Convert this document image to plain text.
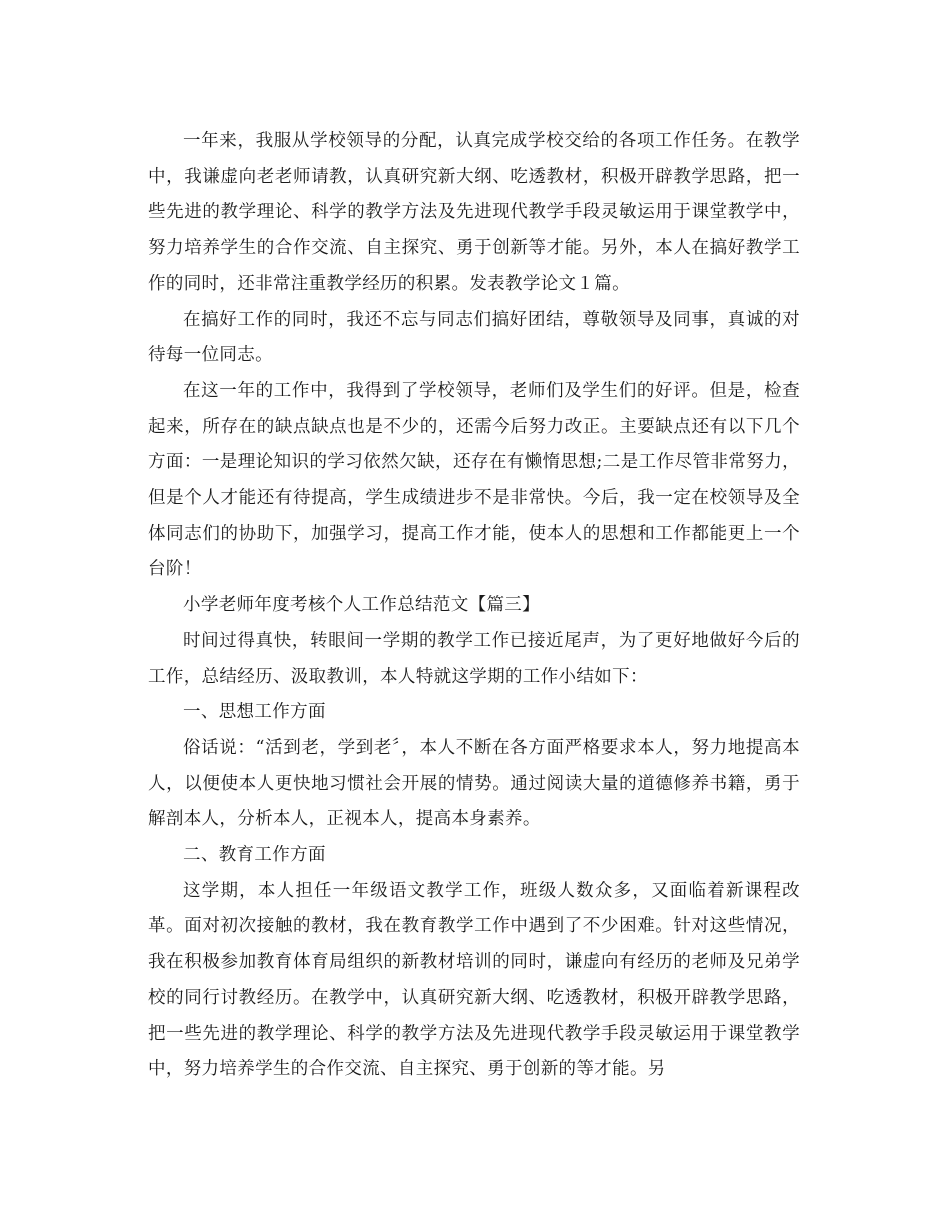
一年来，我服从学校领导的分配，认真完成学校交给的各项工作任务。在教学中，我谦虚向老老师请教，认真研究新大纲、吃透教材，积极开辟教学思路，把一些先进的教学理论、科学的教学方法及先进现代教学手段灵敏运用于课堂教学中，努力培养学生的合作交流、自主探究、勇于创新等才能。另外，本人在搞好教学工作的同时，还非常注重教学经历的积累。发表教学论文１篇。

在搞好工作的同时，我还不忘与同志们搞好团结，尊敬领导及同事，真诚的对待每一位同志。

在这一年的工作中，我得到了学校领导，老师们及学生们的好评。但是，检查起来，所存在的缺点缺点也是不少的，还需今后努力改正。主要缺点还有以下几个方面：一是理论知识的学习依然欠缺，还存在有懒惰思想;二是工作尽管非常努力，但是个人才能还有待提高，学生成绩进步不是非常快。今后，我一定在校领导及全体同志们的协助下，加强学习，提高工作才能，使本人的思想和工作都能更上一个台阶！

小学老师年度考核个人工作总结范文【篇三】

时间过得真快，转眼间一学期的教学工作已接近尾声，为了更好地做好今后的工作，总结经历、汲取教训，本人特就这学期的工作小结如下：

一、思想工作方面

俗话说：“活到老，学到老〞，本人不断在各方面严格要求本人，努力地提高本人，以便使本人更快地习惯社会开展的情势。通过阅读大量的道德修养书籍，勇于解剖本人，分析本人，正视本人，提高本身素养。

二、教育工作方面

这学期，本人担任一年级语文教学工作，班级人数众多，又面临着新课程改革。面对初次接触的教材，我在教育教学工作中遇到了不少困难。针对这些情况，我在积极参加教育体育局组织的新教材培训的同时，谦虚向有经历的老师及兄弟学校的同行讨教经历。在教学中，认真研究新大纲、吃透教材，积极开辟教学思路，把一些先进的教学理论、科学的教学方法及先进现代教学手段灵敏运用于课堂教学中，努力培养学生的合作交流、自主探究、勇于创新的等才能。另
